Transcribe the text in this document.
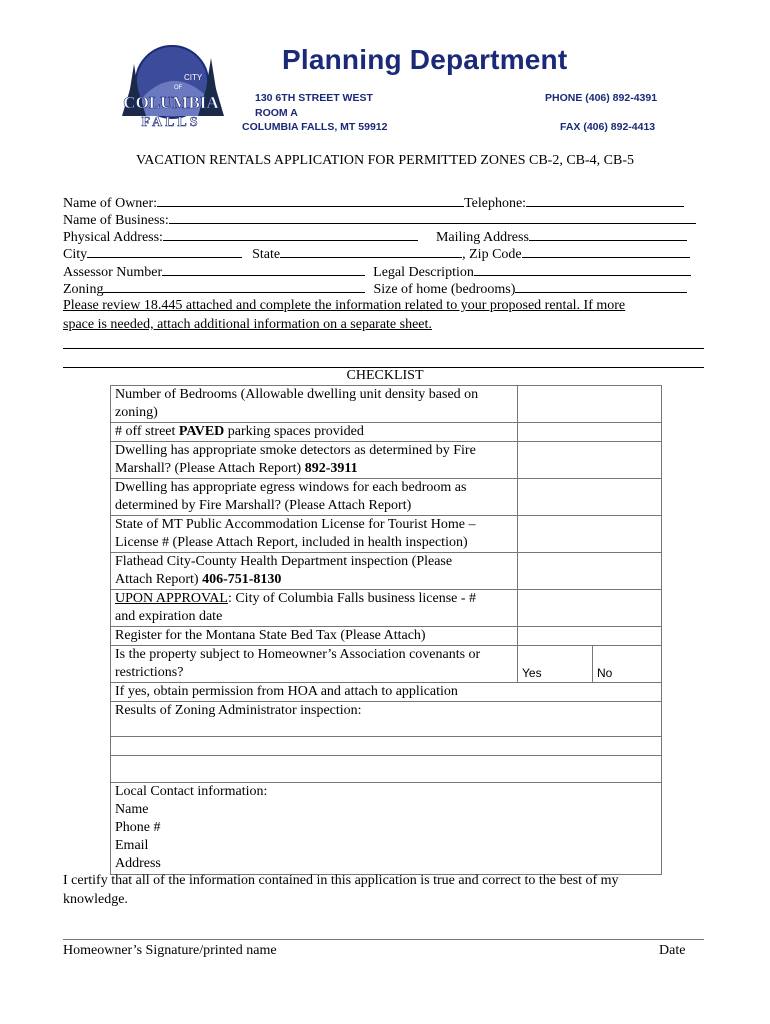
CITY
OF
COLUMBIA
FALLS
Planning Department
130 6TH STREET WEST
ROOM A
COLUMBIA FALLS, MT 59912
PHONE (406) 892-4391
FAX (406) 892-4413
VACATION RENTALS APPLICATION FOR PERMITTED ZONES CB-2, CB-4, CB-5
Name of Owner:	Telephone:
Name of Business:
Physical Address:	Mailing Address
City	State	, Zip Code
Assessor Number	Legal Description
Zoning	Size of home (bedrooms)
Please review 18.445 attached and complete the information related to your proposed rental. If more
space is needed, attach additional information on a separate sheet.
CHECKLIST
Number of Bedrooms (Allowable dwelling unit density based on
zoning)		
# off street PAVED parking spaces provided		
Dwelling has appropriate smoke detectors as determined by Fire
Marshall? (Please Attach Report) 892-3911		
Dwelling has appropriate egress windows for each bedroom as
determined by Fire Marshall? (Please Attach Report)		
State of MT Public Accommodation License for Tourist Home –
License # (Please Attach Report, included in health inspection)		
Flathead City-County Health Department inspection (Please
Attach Report) 406-751-8130		
UPON APPROVAL: City of Columbia Falls business license - #
and expiration date		
Register for the Montana State Bed Tax (Please Attach)		
Is the property subject to Homeowner’s Association covenants or
restrictions?	Yes	No
If yes, obtain permission from HOA and attach to application		
Results of Zoning Administrator inspection:		

Local Contact information:
Name
Phone #
Email
Address		
I certify that all of the information contained in this application is true and correct to the best of my knowledge.
Homeowner’s Signature/printed name	Date
